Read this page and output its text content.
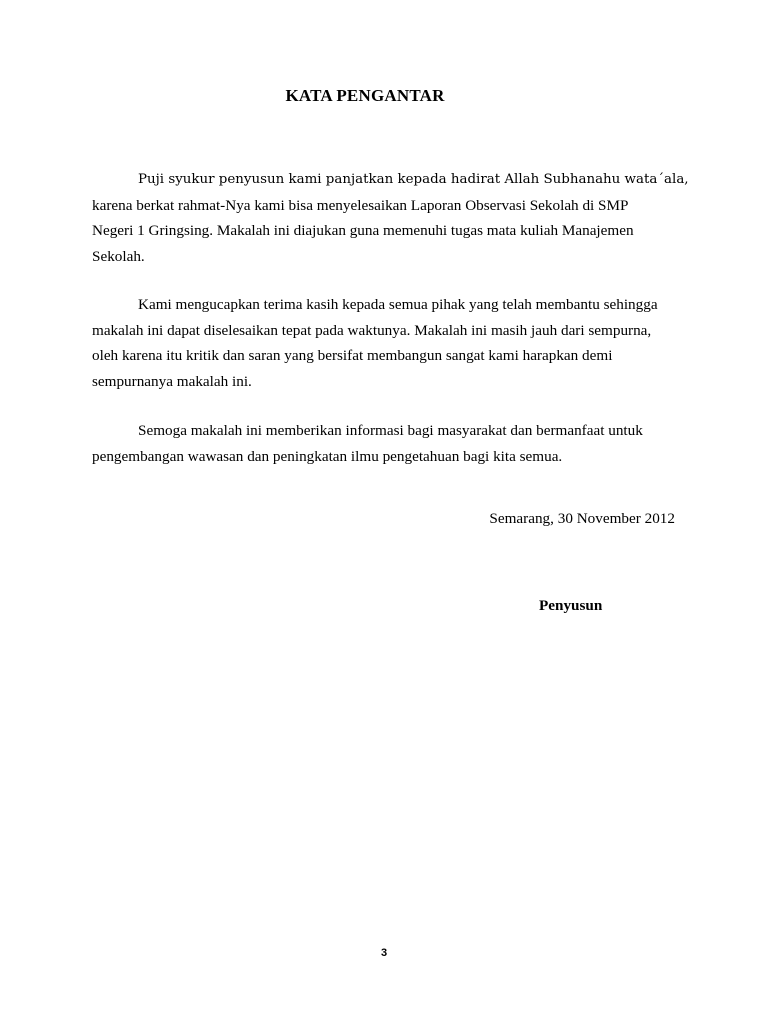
KATA PENGANTAR

Puji syukur penyusun kami panjatkan kepada hadirat Allah Subhanahu wata´ala,
karena berkat rahmat-Nya kami bisa menyelesaikan Laporan Observasi Sekolah di SMP
Negeri 1 Gringsing. Makalah ini diajukan guna memenuhi tugas mata kuliah Manajemen
Sekolah.

Kami mengucapkan terima kasih kepada semua pihak yang telah membantu sehingga
makalah ini dapat diselesaikan tepat pada waktunya. Makalah ini masih jauh dari sempurna,
oleh karena itu kritik dan saran yang bersifat membangun sangat kami harapkan demi
sempurnanya makalah ini.

Semoga makalah ini memberikan informasi bagi masyarakat dan bermanfaat untuk
pengembangan wawasan dan peningkatan ilmu pengetahuan bagi kita semua.

Semarang, 30 November 2012
Penyusun
3
